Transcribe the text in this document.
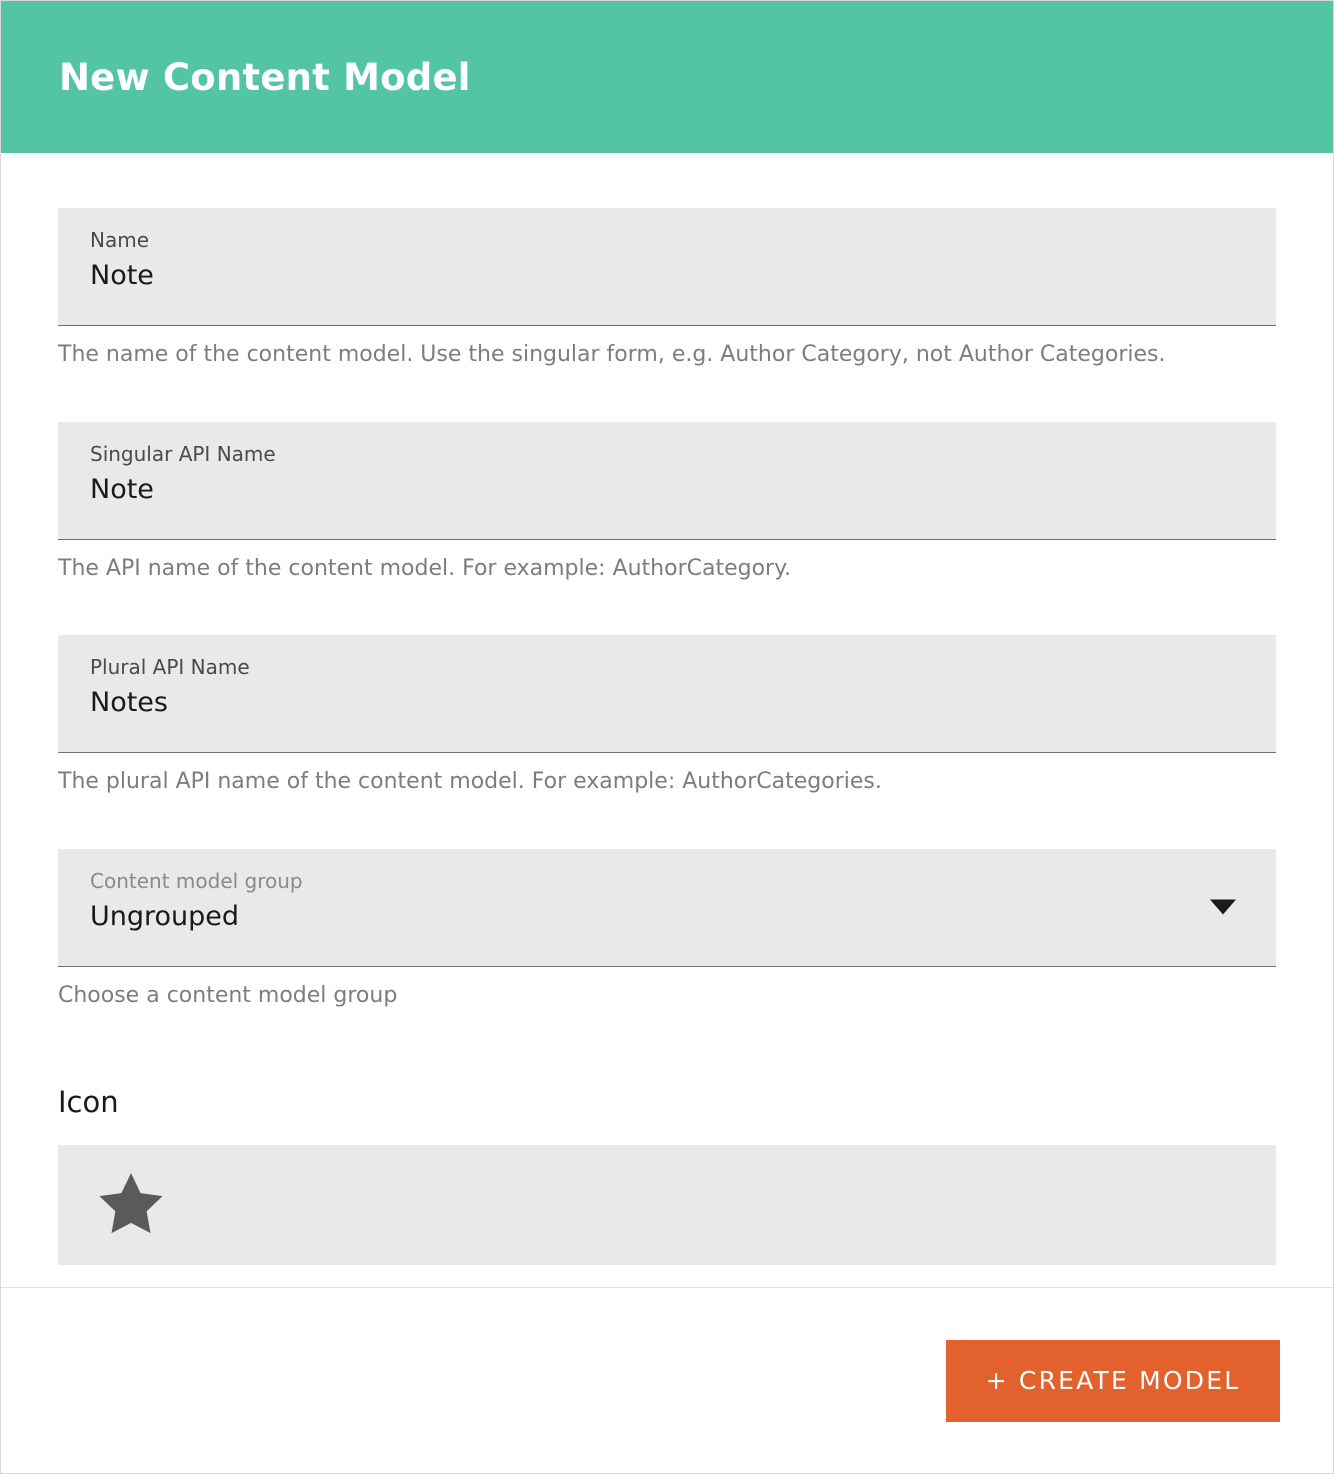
New Content Model
Name
Note
The name of the content model. Use the singular form, e.g. Author Category, not Author Categories.
Singular API Name
Note
The API name of the content model. For example: AuthorCategory.
Plural API Name
Notes
The plural API name of the content model. For example: AuthorCategories.
Content model group
Ungrouped
Choose a content model group
Icon
+ CREATE MODEL
